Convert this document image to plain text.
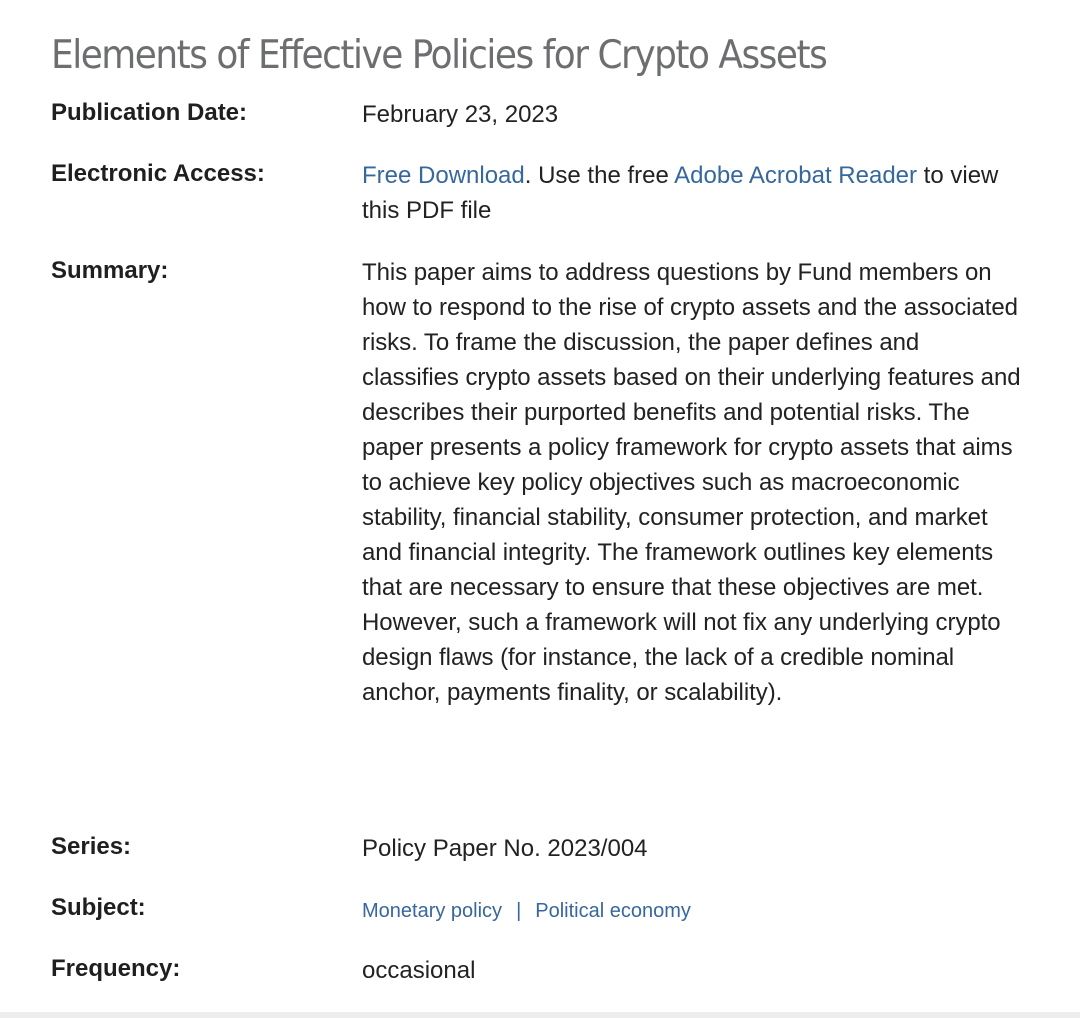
Elements of Effective Policies for Crypto Assets
Publication Date:	February 23, 2023
Electronic Access:	Free Download. Use the free Adobe Acrobat Reader to view this PDF file
Summary:	This paper aims to address questions by Fund members on how to respond to the rise of crypto assets and the associated risks. To frame the discussion, the paper defines and classifies crypto assets based on their underlying features and describes their purported benefits and potential risks. The paper presents a policy framework for crypto assets that aims to achieve key policy objectives such as macroeconomic stability, financial stability, consumer protection, and market and financial integrity. The framework outlines key elements that are necessary to ensure that these objectives are met. However, such a framework will not fix any underlying crypto design flaws (for instance, the lack of a credible nominal anchor, payments finality, or scalability).
Series:	Policy Paper No. 2023/004
Subject:	Monetary policy | Political economy
Frequency:	occasional
